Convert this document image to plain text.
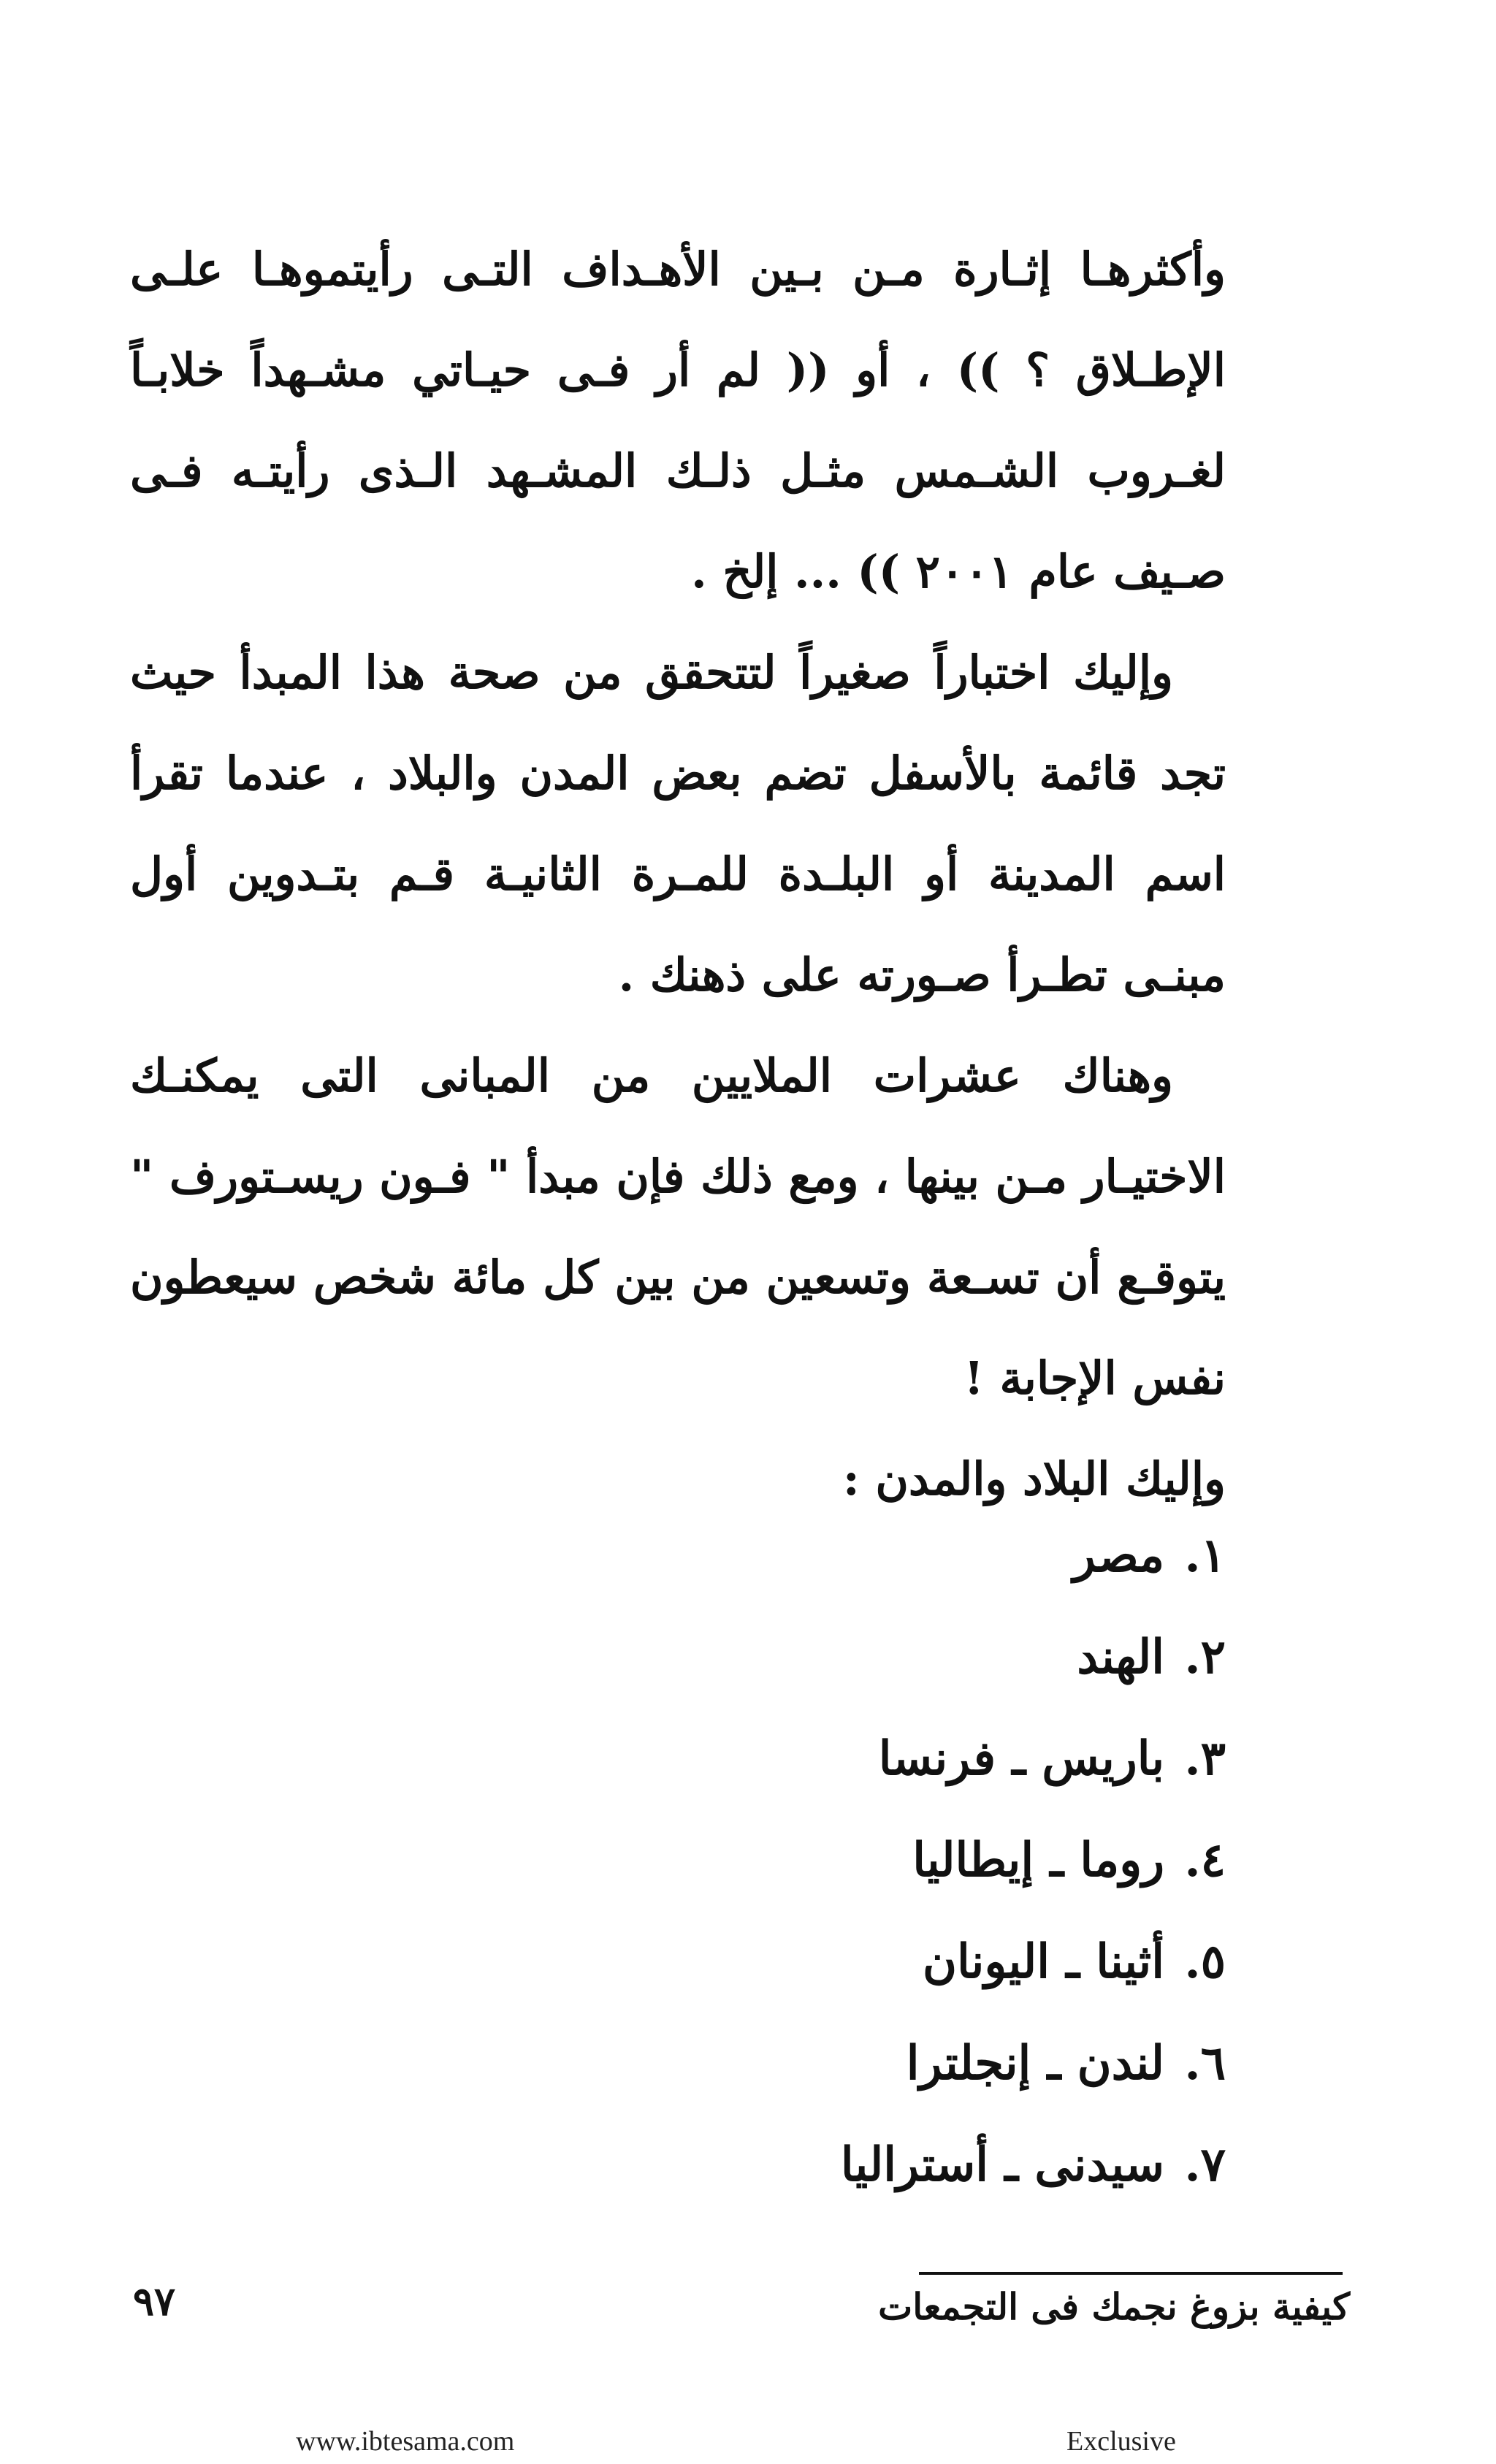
وأكثرهـا إثـارة مـن بـين الأهـداف التـى رأيتموهـا علـى الإطـلاق ؟ )) ، أو (( لم أر فـى حيـاتي مشـهداً خلابـاً لغـروب الشـمس مثـل ذلـك المشـهد الـذى رأيتـه فـى صـيف عام ٢٠٠١ )) ... إلخ .

وإليك اختباراً صغيراً لتتحقق من صحة هذا المبدأ حيث تجد قائمة بالأسفل تضم بعض المدن والبلاد ، عندما تقرأ اسم المدينة أو البلـدة للمـرة الثانيـة قـم بتـدوين أول مبنـى تطـرأ صـورته على ذهنك .

وهناك عشرات الملايين من المبانى التى يمكنـك الاختيـار مـن بينها ، ومع ذلك فإن مبدأ " فـون ريسـتورف " يتوقـع أن تسـعة وتسعين من بين كل مائة شخص سيعطون نفس الإجابة !

وإليك البلاد والمدن :

١.مصر
٢.الهند
٣.باريس ـ فرنسا
٤.روما ـ إيطاليا
٥.أثينا ـ اليونان
٦.لندن ـ إنجلترا
٧.سيدنى ـ أستراليا
كيفية بزوغ نجمك فى التجمعات
٩٧
www.ibtesama.com	Exclusive
